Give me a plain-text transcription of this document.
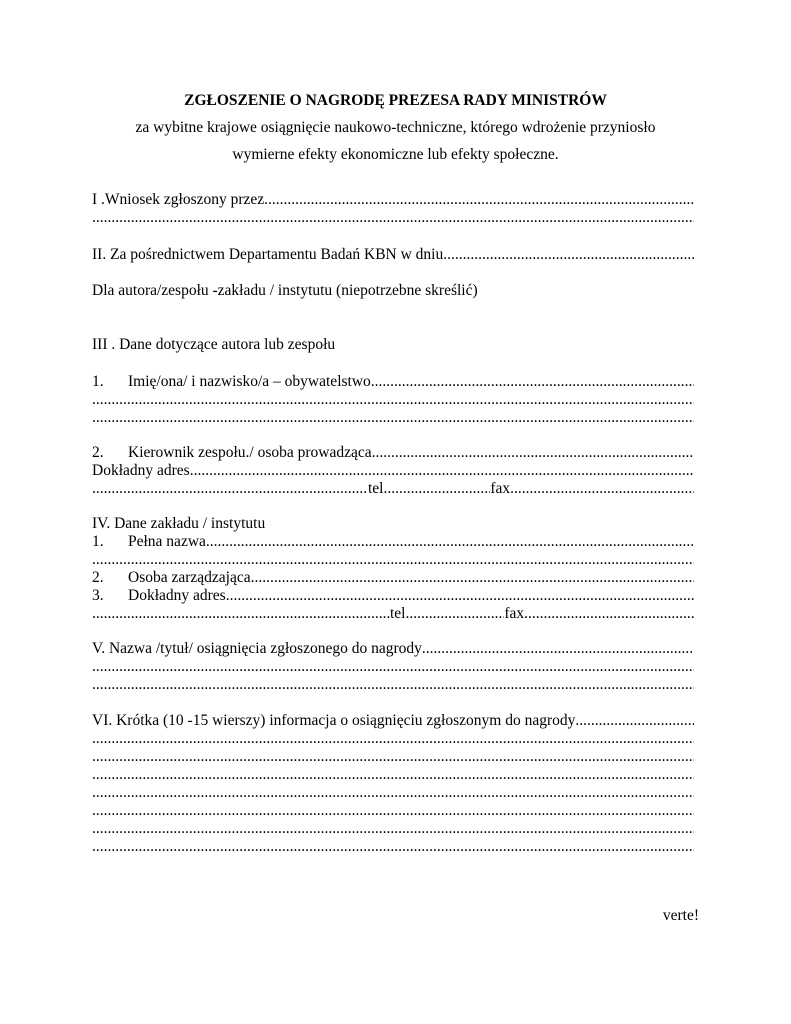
ZGŁOSZENIE O NAGRODĘ PREZESA RADY MINISTRÓW
za wybitne krajowe osiągnięcie naukowo-techniczne, którego wdrożenie przyniosło
wymierne efekty ekonomiczne lub efekty społeczne.
I .Wniosek zgłoszony przez
.....
.....
II. Za pośrednictwem Departamentu Badań KBN w dniu
.....
Dla autora/zespołu -zakładu / instytutu (niepotrzebne skreślić)
III . Dane dotyczące autora lub zespołu
1.	Imię/ona/ i nazwisko/a – obywatelstwo
.....
.....
.....
2.	Kierownik zespołu./ osoba prowadząca
.....
Dokładny adres
.....
.....
tel. .....	fax
.....
IV. Dane zakładu / instytutu
1.	Pełna nazwa
.....
.....
2.	Osoba zarządzająca
.....
3.	Dokładny adres
.....
.....
tel. .....	fax
.....
V. Nazwa /tytuł/ osiągnięcia zgłoszonego do nagrody
.....
.....
.....
VI. Krótka (10 -15 wierszy) informacja o osiągnięciu zgłoszonym do nagrody
.....
.....
.....
.....
.....
.....
.....
.....
verte!
